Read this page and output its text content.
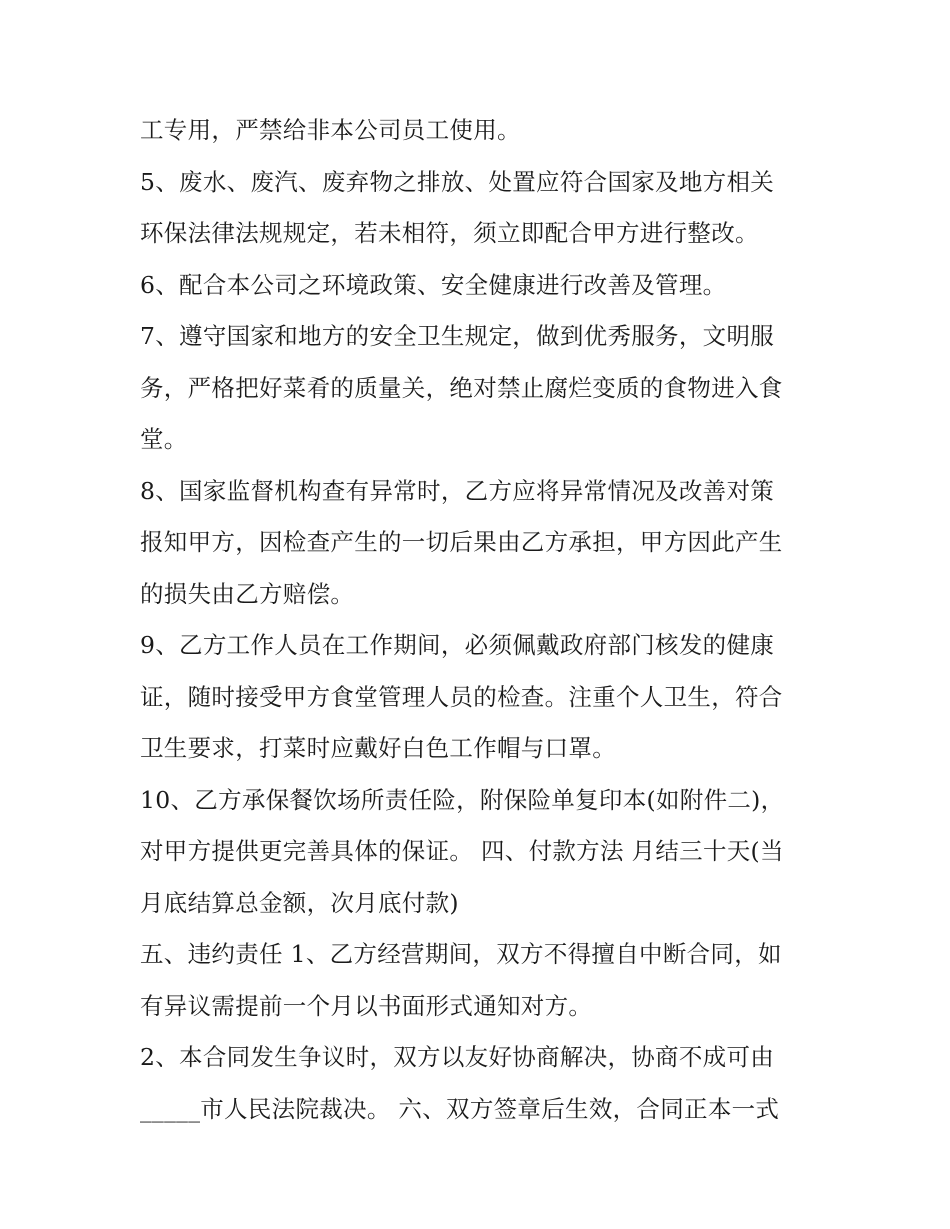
工专用，严禁给非本公司员工使用。
5、废水、废汽、废弃物之排放、处置应符合国家及地方相关
环保法律法规规定，若未相符，须立即配合甲方进行整改。
6、配合本公司之环境政策、安全健康进行改善及管理。
7、遵守国家和地方的安全卫生规定，做到优秀服务，文明服
务，严格把好菜肴的质量关，绝对禁止腐烂变质的食物进入食
堂。
8、国家监督机构查有异常时，乙方应将异常情况及改善对策
报知甲方，因检查产生的一切后果由乙方承担，甲方因此产生
的损失由乙方赔偿。
9、乙方工作人员在工作期间，必须佩戴政府部门核发的健康
证，随时接受甲方食堂管理人员的检查。注重个人卫生，符合
卫生要求，打菜时应戴好白色工作帽与口罩。
10、乙方承保餐饮场所责任险，附保险单复印本(如附件二)，
对甲方提供更完善具体的保证。 四、付款方法 月结三十天(当
月底结算总金额，次月底付款)
五、违约责任 1、乙方经营期间，双方不得擅自中断合同，如
有异议需提前一个月以书面形式通知对方。
2、本合同发生争议时，双方以友好协商解决，协商不成可由
_____市人民法院裁决。 六、双方签章后生效，合同正本一式
